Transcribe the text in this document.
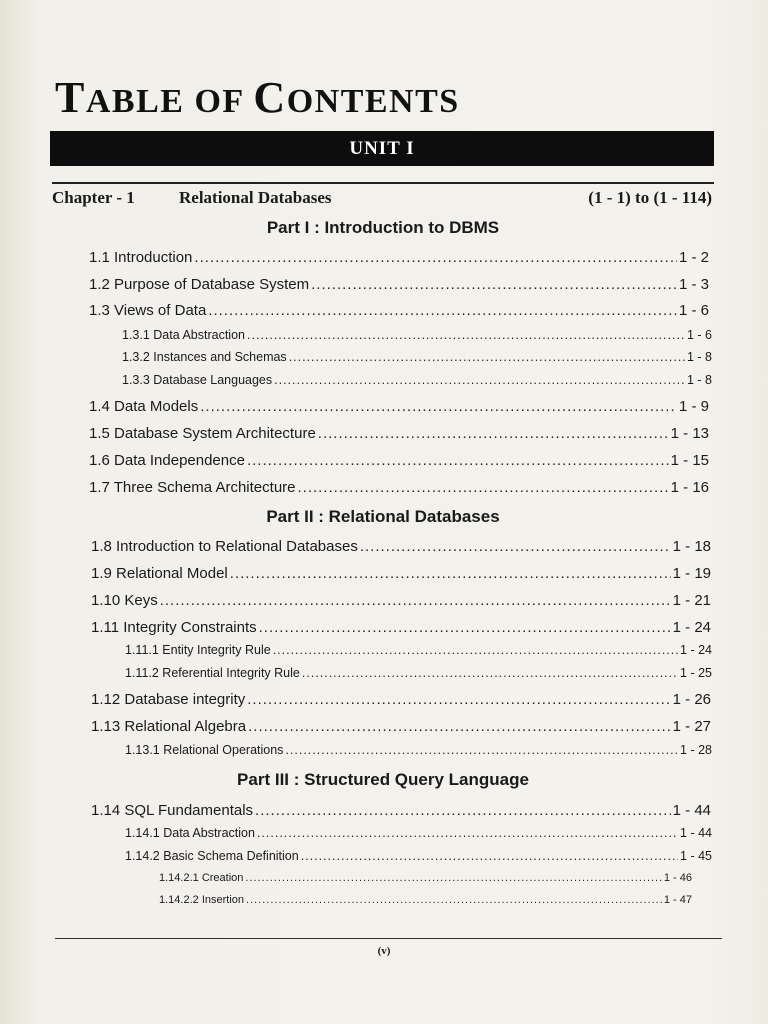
TABLE OF CONTENTS
UNIT I
Chapter - 1	Relational Databases	(1 - 1) to (1 - 114)
Part I : Introduction to DBMS
1.1 Introduction .....	1 - 2
1.2 Purpose of Database System .....	1 - 3
1.3 Views of Data .....	1 - 6
1.3.1 Data Abstraction .....	1 - 6
1.3.2 Instances and Schemas .....	1 - 8
1.3.3 Database Languages .....	1 - 8
1.4 Data Models .....	1 - 9
1.5 Database System Architecture .....	1 - 13
1.6 Data Independence .....	1 - 15
1.7 Three Schema Architecture .....	1 - 16
Part II : Relational Databases
1.8 Introduction to Relational Databases .....	1 - 18
1.9 Relational Model .....	1 - 19
1.10 Keys .....	1 - 21
1.11 Integrity Constraints .....	1 - 24
1.11.1 Entity Integrity Rule .....	1 - 24
1.11.2 Referential Integrity Rule .....	1 - 25
1.12 Database integrity .....	1 - 26
1.13 Relational Algebra .....	1 - 27
1.13.1 Relational Operations .....	1 - 28
Part III : Structured Query Language
1.14 SQL Fundamentals .....	1 - 44
1.14.1 Data Abstraction .....	1 - 44
1.14.2 Basic Schema Definition .....	1 - 45
1.14.2.1 Creation .....	1 - 46
1.14.2.2 Insertion .....	1 - 47
(v)
